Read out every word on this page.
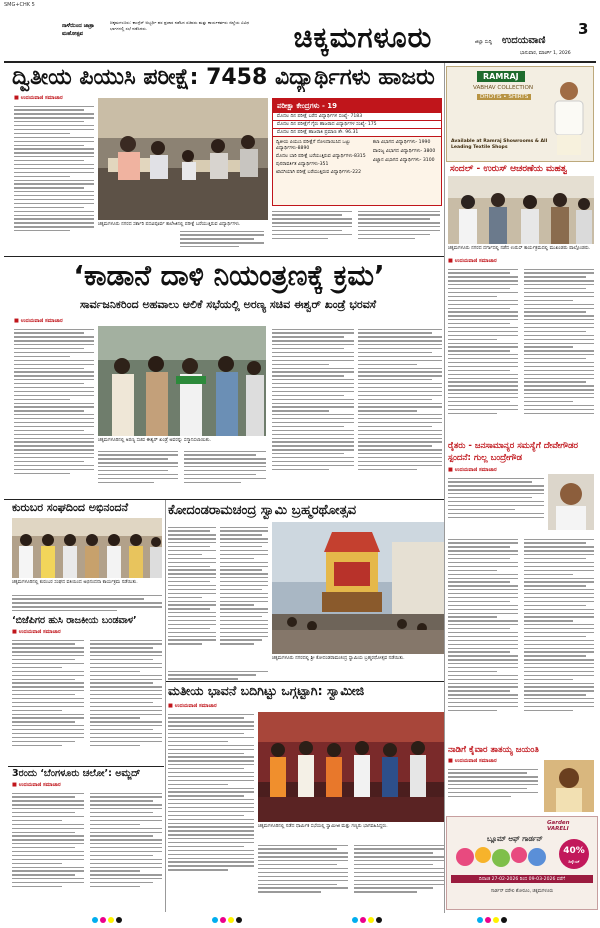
SMG+CHK 5
ನಾಳೆಯಿಂದ ಜಾತ್ರಾ ಮಹೋತ್ಸವ
ಚಿಕ್ಕಮಗಳೂರು: ಕಾಂಗ್ರೆಸ್ ಅಭ್ಯರ್ಥಿ ಪರ ಪ್ರಚಾರ ನಡೆಸಿದ ಸಚಿವರು ಮತ್ತು ಕಾರ್ಯಕರ್ತರು ಜಿಲ್ಲೆಯ ವಿವಿಧ ಭಾಗಗಳಲ್ಲಿ ಸಭೆ ನಡೆಸಿದರು.	ಚಿಕ್ಕಮಗಳೂರು	3
ಜಿಲ್ಲಾ ಸುದ್ದಿ ಉದಯವಾಣಿ
ಭಾನುವಾರ, ಮಾರ್ಚ್ 1, 2026
ದ್ವಿತೀಯ ಪಿಯುಸಿ ಪರೀಕ್ಷೆ: 7458 ವಿದ್ಯಾರ್ಥಿಗಳು ಹಾಜರು
■ ಉದಯವಾಣಿ ಸಮಾಚಾರ
ಚಿಕ್ಕಮಗಳೂರು ನಗರದ ಸರ್ಕಾರಿ ಪದವಿಪೂರ್ವ ಕಾಲೇಜಿನಲ್ಲಿ ಪರೀಕ್ಷೆ ಬರೆಯುತ್ತಿರುವ ವಿದ್ಯಾರ್ಥಿಗಳು.
ಪರೀಕ್ಷಾ ಕೇಂದ್ರಗಳು - 19
ಮೊದಲ ದಿನ ಪರೀಕ್ಷೆ ಬರೆದ ವಿದ್ಯಾರ್ಥಿಗಳ ಸಂಖ್ಯೆ- 7183
ಮೊದಲ ದಿನ ಪರೀಕ್ಷೆಗೆ ಗೈರು ಹಾಜರಾದ ವಿದ್ಯಾರ್ಥಿಗಳ ಸಂಖ್ಯೆ- 175
ಮೊದಲ ದಿನ ಪರೀಕ್ಷೆ ಹಾಜರಾತಿ ಪ್ರಮಾಣ ಶೇ. 96.31
ದ್ವಿತೀಯ ಪಿಯುಸಿ ಪರೀಕ್ಷೆಗೆ ನೋಂದಾಯಿಸಿದ ಒಟ್ಟು ವಿದ್ಯಾರ್ಥಿಗಳು-8890
ಮೊದಲ ಬಾರಿ ಪರೀಕ್ಷೆ ಬರೆಯುತ್ತಿರುವ ವಿದ್ಯಾರ್ಥಿಗಳು-8315
ಪುನರಾವರ್ತಿತ ವಿದ್ಯಾರ್ಥಿಗಳು-351
ಖಾಸಗಿಯಾಗಿ ಪರೀಕ್ಷೆ ಬರೆಯುತ್ತಿರುವ ವಿದ್ಯಾರ್ಥಿಗಳು-222
ಕಲಾ ವಿಭಾಗದ ವಿದ್ಯಾರ್ಥಿಗಳು- 1990
ವಾಣಿಜ್ಯ ವಿಭಾಗದ ವಿದ್ಯಾರ್ಥಿಗಳು- 3800
ವಿಜ್ಞಾನ ವಿಭಾಗದ ವಿದ್ಯಾರ್ಥಿಗಳು- 3100
RAMRAJ
VABHAV COLLECTION
DHOTIS • SHIRTS
Available at Ramraj Showrooms & All Leading Textile Shops
ಸಂದಲ್ - ಉರುಸ್ ಆಚರಣೆಯ ಮಹತ್ವ
ಚಿಕ್ಕಮಗಳೂರು ನಗರದ ದರ್ಗಾದಲ್ಲಿ ನಡೆದ ಉರುಸ್ ಕಾರ್ಯಕ್ರಮದಲ್ಲಿ ಮುಖಂಡರು ಪಾಲ್ಗೊಂಡರು.
‘ಕಾಡಾನೆ ದಾಳಿ ನಿಯಂತ್ರಣಕ್ಕೆ ಕ್ರಮ’
ಸಾರ್ವಜನಿಕರಿಂದ ಅಹವಾಲು ಆಲಿಕೆ ಸಭೆಯಲ್ಲಿ ಅರಣ್ಯ ಸಚಿವ ಈಶ್ವರ್ ಖಂಡ್ರೆ ಭರವಸೆ
■ ಉದಯವಾಣಿ ಸಮಾಚಾರ
ಚಿಕ್ಕಮಗಳೂರಿನಲ್ಲಿ ಅರಣ್ಯ ಸಚಿವ ಈಶ್ವರ್ ಖಂಡ್ರೆ ಅವರನ್ನು ಸನ್ಮಾನಿಸಲಾಯಿತು.
■ ಉದಯವಾಣಿ ಸಮಾಚಾರ
ರೈತರು - ಜನಸಾಮಾನ್ಯರ ಸಮಸ್ಯೆಗೆ ದೇವೇಗೌಡರ ಸ್ಪಂದನೆ: ಗುಲ್ಲ ಬಂದ್ರೇಗೌಡ
■ ಉದಯವಾಣಿ ಸಮಾಚಾರ
ನಾಡಿಗೆ ಕೈವಾರ ತಾತಯ್ಯ ಜಯಂತಿ
■ ಉದಯವಾಣಿ ಸಮಾಚಾರ
Garden VARELI
ಬ್ಲೂಮ್ ಆಫ್ ಗಾರ್ಡನ್
40%
ಡಿಸ್ಕೌಂಟ್
ದಿನಾಂಕ 27-02-2026 ರಿಂದ 09-03-2026 ವರೆಗೆ
ಗಾರ್ಡನ್ ವರೇಲಿ ಶೋರೂಂ, ಚಿಕ್ಕಮಗಳೂರು
ಕುರುಬರ ಸಂಘದಿಂದ ಅಭಿನಂದನೆ
ಚಿಕ್ಕಮಗಳೂರಿನಲ್ಲಿ ಕುರುಬರ ಸಂಘದ ವತಿಯಿಂದ ಅಭಿನಂದನಾ ಕಾರ್ಯಕ್ರಮ ನಡೆಯಿತು.
‘ಬಿಜೆಪಿಗರ ಹುಸಿ ರಾಜಕೀಯ ಬಂಡವಾಳ’
■ ಉದಯವಾಣಿ ಸಮಾಚಾರ
3ರಂದು ‘ಬೆಂಗಳೂರು ಚಲೋ’: ಅಮ್ಜದ್
■ ಉದಯವಾಣಿ ಸಮಾಚಾರ
ಕೋದಂಡರಾಮಚಂದ್ರ ಸ್ವಾಮಿ ಬ್ರಹ್ಮರಥೋತ್ಸವ
ಚಿಕ್ಕಮಗಳೂರು ನಗರದಲ್ಲಿ ಶ್ರೀ ಕೋದಂಡರಾಮಚಂದ್ರ ಸ್ವಾಮಿಯ ಬ್ರಹ್ಮರಥೋತ್ಸವ ನಡೆಯಿತು.
ಮತೀಯ ಭಾವನೆ ಬದಿಗಿಟ್ಟು ಒಗ್ಗಟ್ಟಾಗಿ: ಸ್ವಾಮೀಜಿ
■ ಉದಯವಾಣಿ ಸಮಾಚಾರ
ಚಿಕ್ಕಮಗಳೂರಿನಲ್ಲಿ ನಡೆದ ಧಾರ್ಮಿಕ ಸಭೆಯಲ್ಲಿ ಸ್ವಾಮೀಜಿ ಮತ್ತು ಗಣ್ಯರು ಭಾಗವಹಿಸಿದ್ದರು.
